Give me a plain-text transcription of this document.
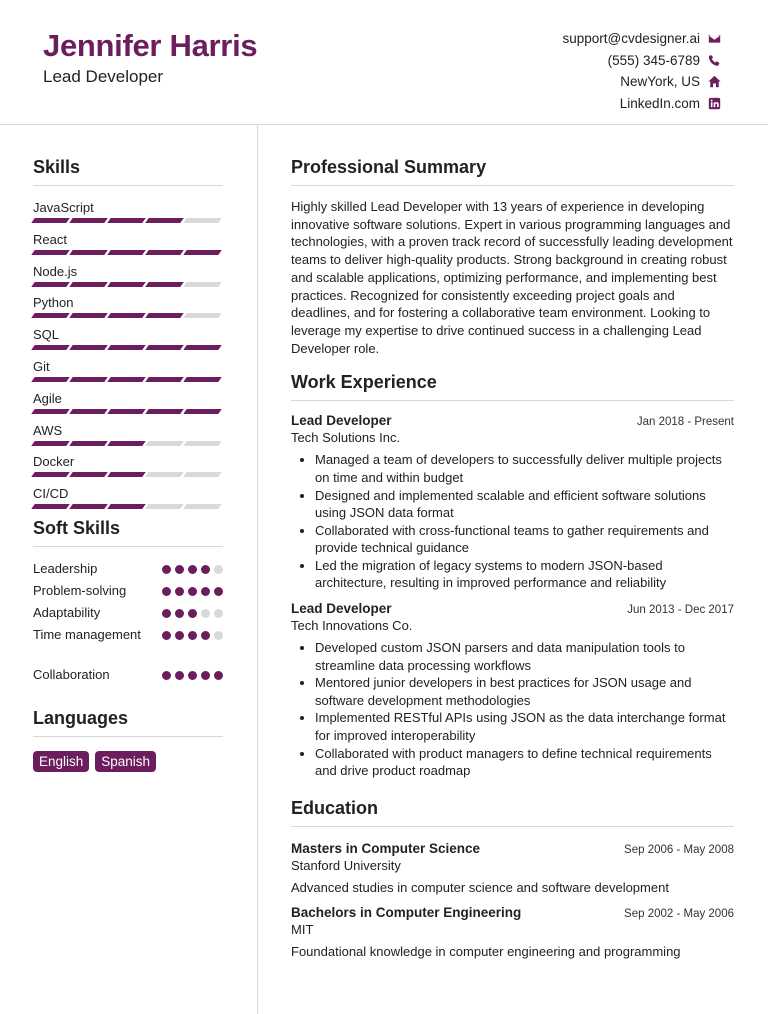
Jennifer Harris
Lead Developer
support@cvdesigner.ai
(555) 345-6789
NewYork, US
LinkedIn.com
Skills
JavaScript
React
Node.js
Python
SQL
Git
Agile
AWS
Docker
CI/CD
Soft Skills
Leadership
Problem-solving
Adaptability
Time management
Collaboration
Languages
English	Spanish
Professional Summary
Highly skilled Lead Developer with 13 years of experience in developing innovative software solutions. Expert in various programming languages and technologies, with a proven track record of successfully leading development teams to deliver high-quality products. Strong background in creating robust and scalable applications, optimizing performance, and implementing best practices. Recognized for consistently exceeding project goals and deadlines, and for fostering a collaborative team environment. Looking to leverage my expertise to drive continued success in a challenging Lead Developer role.
Work Experience
Lead Developer	Jan 2018 - Present
Tech Solutions Inc.
• Managed a team of developers to successfully deliver multiple projects on time and within budget
• Designed and implemented scalable and efficient software solutions using JSON data format
• Collaborated with cross-functional teams to gather requirements and provide technical guidance
• Led the migration of legacy systems to modern JSON-based architecture, resulting in improved performance and reliability
Lead Developer	Jun 2013 - Dec 2017
Tech Innovations Co.
• Developed custom JSON parsers and data manipulation tools to streamline data processing workflows
• Mentored junior developers in best practices for JSON usage and software development methodologies
• Implemented RESTful APIs using JSON as the data interchange format for improved interoperability
• Collaborated with product managers to define technical requirements and drive product roadmap
Education
Masters in Computer Science	Sep 2006 - May 2008
Stanford University
Advanced studies in computer science and software development
Bachelors in Computer Engineering	Sep 2002 - May 2006
MIT
Foundational knowledge in computer engineering and programming
